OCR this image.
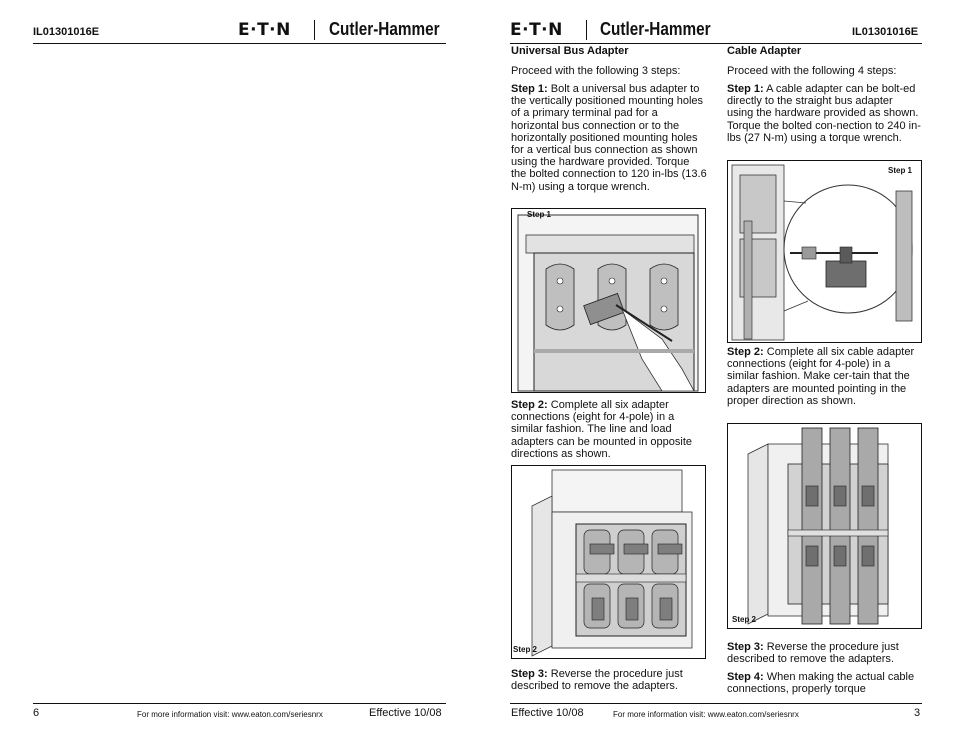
IL01301016E	E·T·N Cutler-Hammer
6	For more information visit: www.eaton.com/seriesnrx	Effective 10/08
E·T·N Cutler-Hammer	IL01301016E
Universal Bus Adapter
Proceed with the following 3 steps:
Step 1: Bolt a universal bus adapter to the vertically positioned mounting holes of a primary terminal pad for a horizontal bus connection or to the horizontally positioned mounting holes for a vertical bus connection as shown using the hardware provided. Torque the bolted connection to 120 in-lbs (13.6 N-m) using a torque wrench.
Step 1
Step 2: Complete all six adapter connections (eight for 4-pole) in a similar fashion. The line and load adapters can be mounted in opposite directions as shown.
Step 2
Step 3: Reverse the procedure just described to remove the adapters.
Cable Adapter
Proceed with the following 4 steps:
Step 1: A cable adapter can be bolt-ed directly to the straight bus adapter using the hardware provided as shown. Torque the bolted con-nection to 240 in-lbs (27 N-m) using a torque wrench.
Step 1
Step 2: Complete all six cable adapter connections (eight for 4-pole) in a similar fashion. Make cer-tain that the adapters are mounted pointing in the proper direction as shown.
Step 2
Step 3: Reverse the procedure just described to remove the adapters.
Step 4: When making the actual cable connections, properly torque
Effective 10/08	For more information visit: www.eaton.com/seriesnrx	3
